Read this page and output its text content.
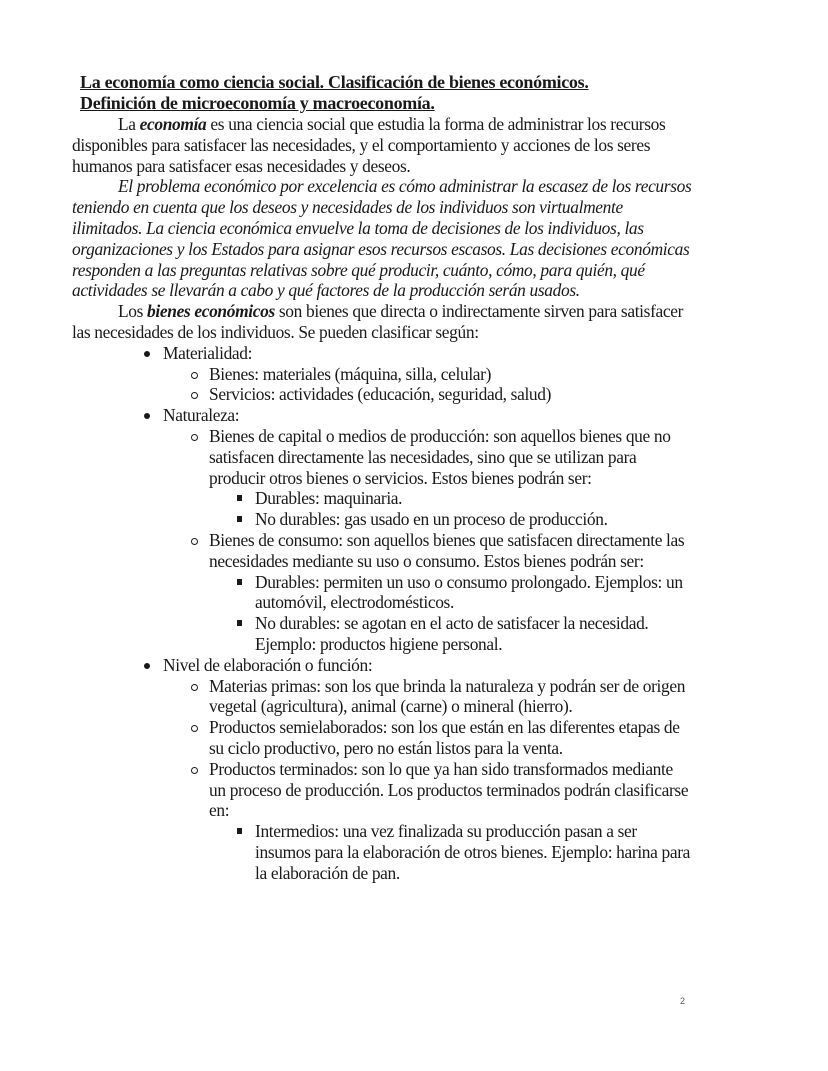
La economía como ciencia social. Clasificación de bienes económicos.
Definición de microeconomía y macroeconomía.

La economía es una ciencia social que estudia la forma de administrar los recursos disponibles para satisfacer las necesidades, y el comportamiento y acciones de los seres humanos para satisfacer esas necesidades y deseos.

El problema económico por excelencia es cómo administrar la escasez de los recursos teniendo en cuenta que los deseos y necesidades de los individuos son virtualmente ilimitados. La ciencia económica envuelve la toma de decisiones de los individuos, las organizaciones y los Estados para asignar esos recursos escasos. Las decisiones económicas responden a las preguntas relativas sobre qué producir, cuánto, cómo, para quién, qué actividades se llevarán a cabo y qué factores de la producción serán usados.

Los bienes económicos son bienes que directa o indirectamente sirven para satisfacer las necesidades de los individuos. Se pueden clasificar según:

Materialidad:
Bienes: materiales (máquina, silla, celular)
Servicios: actividades (educación, seguridad, salud)
Naturaleza:
Bienes de capital o medios de producción: son aquellos bienes que no satisfacen directamente las necesidades, sino que se utilizan para producir otros bienes o servicios. Estos bienes podrán ser:
Durables: maquinaria.
No durables: gas usado en un proceso de producción.
Bienes de consumo: son aquellos bienes que satisfacen directamente las necesidades mediante su uso o consumo. Estos bienes podrán ser:
Durables: permiten un uso o consumo prolongado. Ejemplos: un automóvil, electrodomésticos.
No durables: se agotan en el acto de satisfacer la necesidad. Ejemplo: productos higiene personal.
Nivel de elaboración o función:
Materias primas: son los que brinda la naturaleza y podrán ser de origen vegetal (agricultura), animal (carne) o mineral (hierro).
Productos semielaborados: son los que están en las diferentes etapas de su ciclo productivo, pero no están listos para la venta.
Productos terminados: son lo que ya han sido transformados mediante un proceso de producción. Los productos terminados podrán clasificarse en:
Intermedios: una vez finalizada su producción pasan a ser insumos para la elaboración de otros bienes. Ejemplo: harina para la elaboración de pan.
2
